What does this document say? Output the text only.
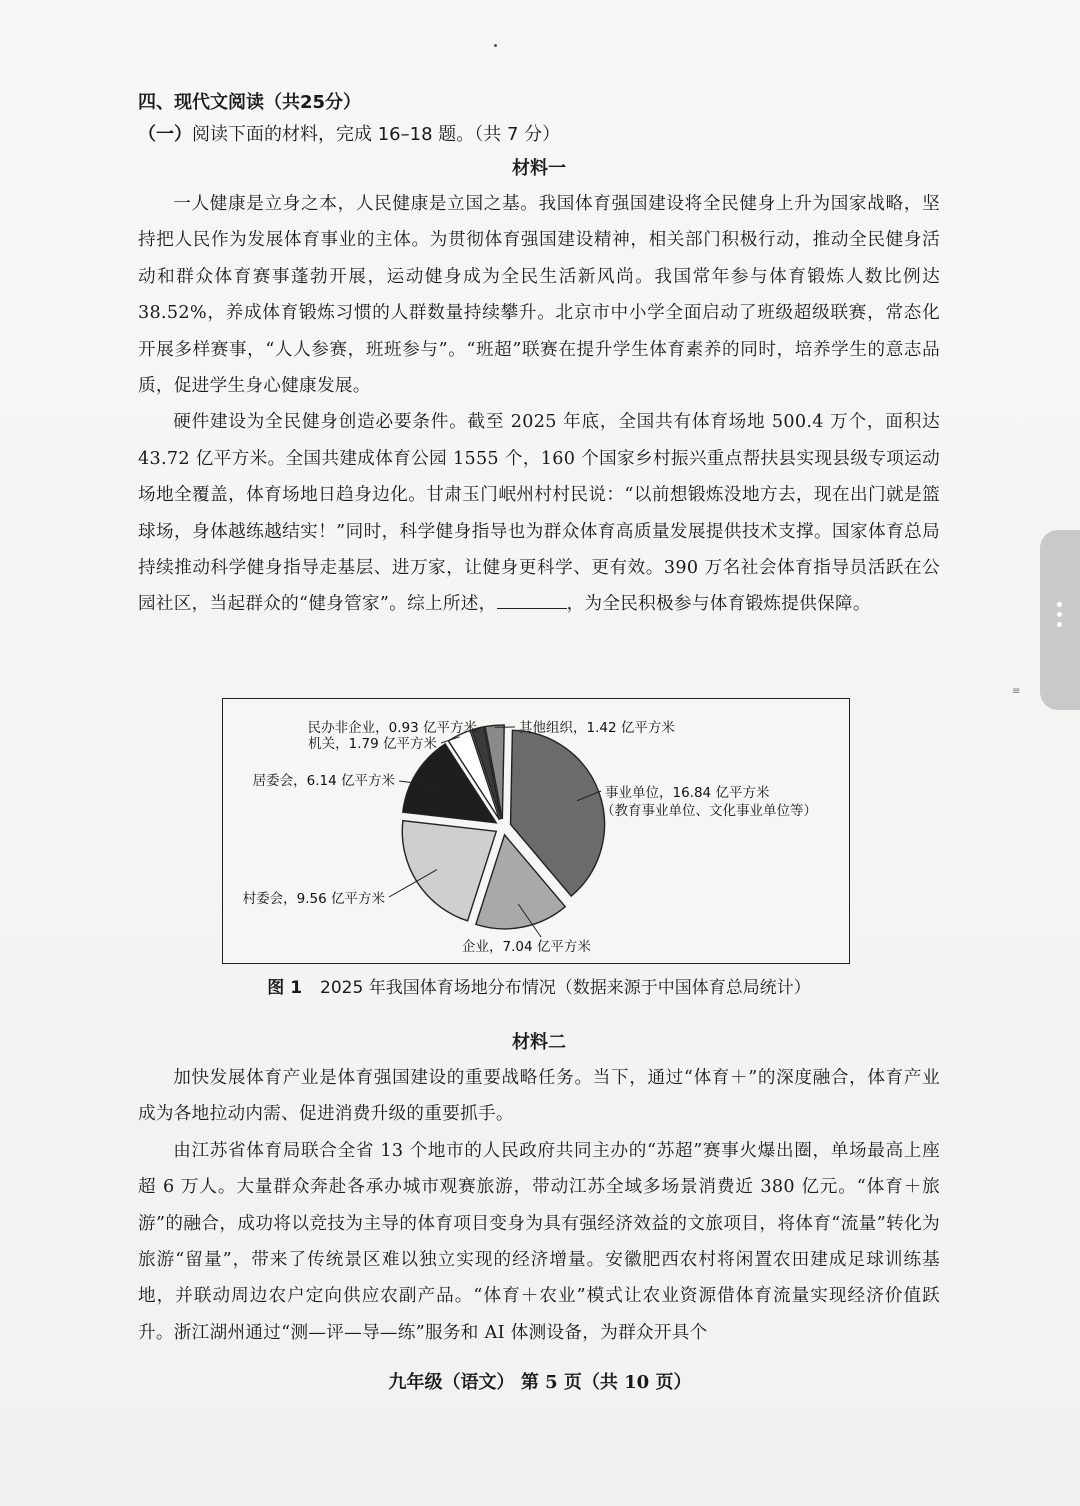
四、现代文阅读（共25分）

（一）阅读下面的材料，完成 16–18 题。（共 7 分）

材料一

一人健康是立身之本，人民健康是立国之基。我国体育强国建设将全民健身上升为国家战略，坚持把人民作为发展体育事业的主体。为贯彻体育强国建设精神，相关部门积极行动，推动全民健身活动和群众体育赛事蓬勃开展，运动健身成为全民生活新风尚。我国常年参与体育锻炼人数比例达 38.52%，养成体育锻炼习惯的人群数量持续攀升。北京市中小学全面启动了班级超级联赛，常态化开展多样赛事，“人人参赛，班班参与”。“班超”联赛在提升学生体育素养的同时，培养学生的意志品质，促进学生身心健康发展。

硬件建设为全民健身创造必要条件。截至 2025 年底，全国共有体育场地 500.4 万个，面积达 43.72 亿平方米。全国共建成体育公园 1555 个，160 个国家乡村振兴重点帮扶县实现县级专项运动场地全覆盖，体育场地日趋身边化。甘肃玉门岷州村村民说：“以前想锻炼没地方去，现在出门就是篮球场，身体越练越结实！”同时，科学健身指导也为群众体育高质量发展提供技术支撑。国家体育总局持续推动科学健身指导走基层、进万家，让健身更科学、更有效。390 万名社会体育指导员活跃在公园社区，当起群众的“健身管家”。综上所述，	，为全民积极参与体育锻炼提供保障。

民办非企业，0.93 亿平方米
机关，1.79 亿平方米
其他组织，1.42 亿平方米
居委会，6.14 亿平方米
事业单位，16.84 亿平方米
（教育事业单位、文化事业单位等）
村委会，9.56 亿平方米
企业，7.04 亿平方米
图 1 2025 年我国体育场地分布情况（数据来源于中国体育总局统计）

材料二

加快发展体育产业是体育强国建设的重要战略任务。当下，通过“体育＋”的深度融合，体育产业成为各地拉动内需、促进消费升级的重要抓手。

由江苏省体育局联合全省 13 个地市的人民政府共同主办的“苏超”赛事火爆出圈，单场最高上座超 6 万人。大量群众奔赴各承办城市观赛旅游，带动江苏全域多场景消费近 380 亿元。“体育＋旅游”的融合，成功将以竞技为主导的体育项目变身为具有强经济效益的文旅项目，将体育“流量”转化为旅游“留量”，带来了传统景区难以独立实现的经济增量。安徽肥西农村将闲置农田建成足球训练基地，并联动周边农户定向供应农副产品。“体育＋农业”模式让农业资源借体育流量实现经济价值跃升。浙江湖州通过“测—评—导—练”服务和 AI 体测设备，为群众开具个

九年级（语文） 第 5 页（共 10 页）
≡
